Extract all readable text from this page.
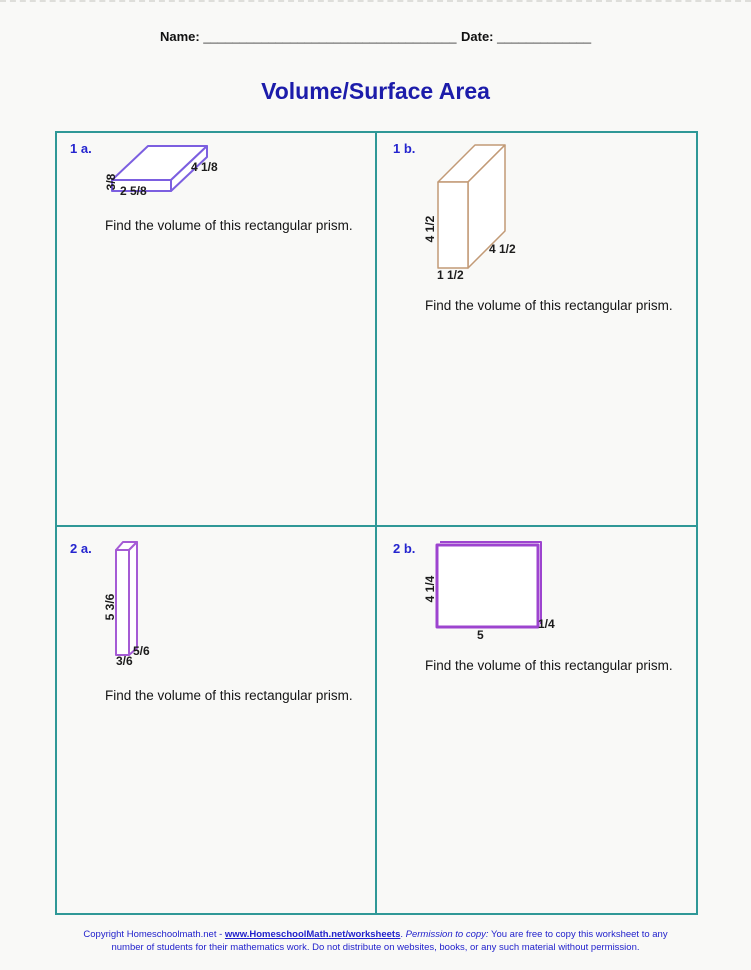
Name: ___________________________________ Date: _____________
Volume/Surface Area
1 a.
3/8
2 5/8
4 1/8
Find the volume of this rectangular prism.
1 b.
4 1/2
1 1/2
4 1/2
Find the volume of this rectangular prism.
2 a.
5 3/6
3/6
5/6
Find the volume of this rectangular prism.
2 b.
4 1/4
5
1/4
Find the volume of this rectangular prism.
Copyright Homeschoolmath.net - www.HomeschoolMath.net/worksheets. Permission to copy: You are free to copy this worksheet to any
number of students for their mathematics work. Do not distribute on websites, books, or any such material without permission.
